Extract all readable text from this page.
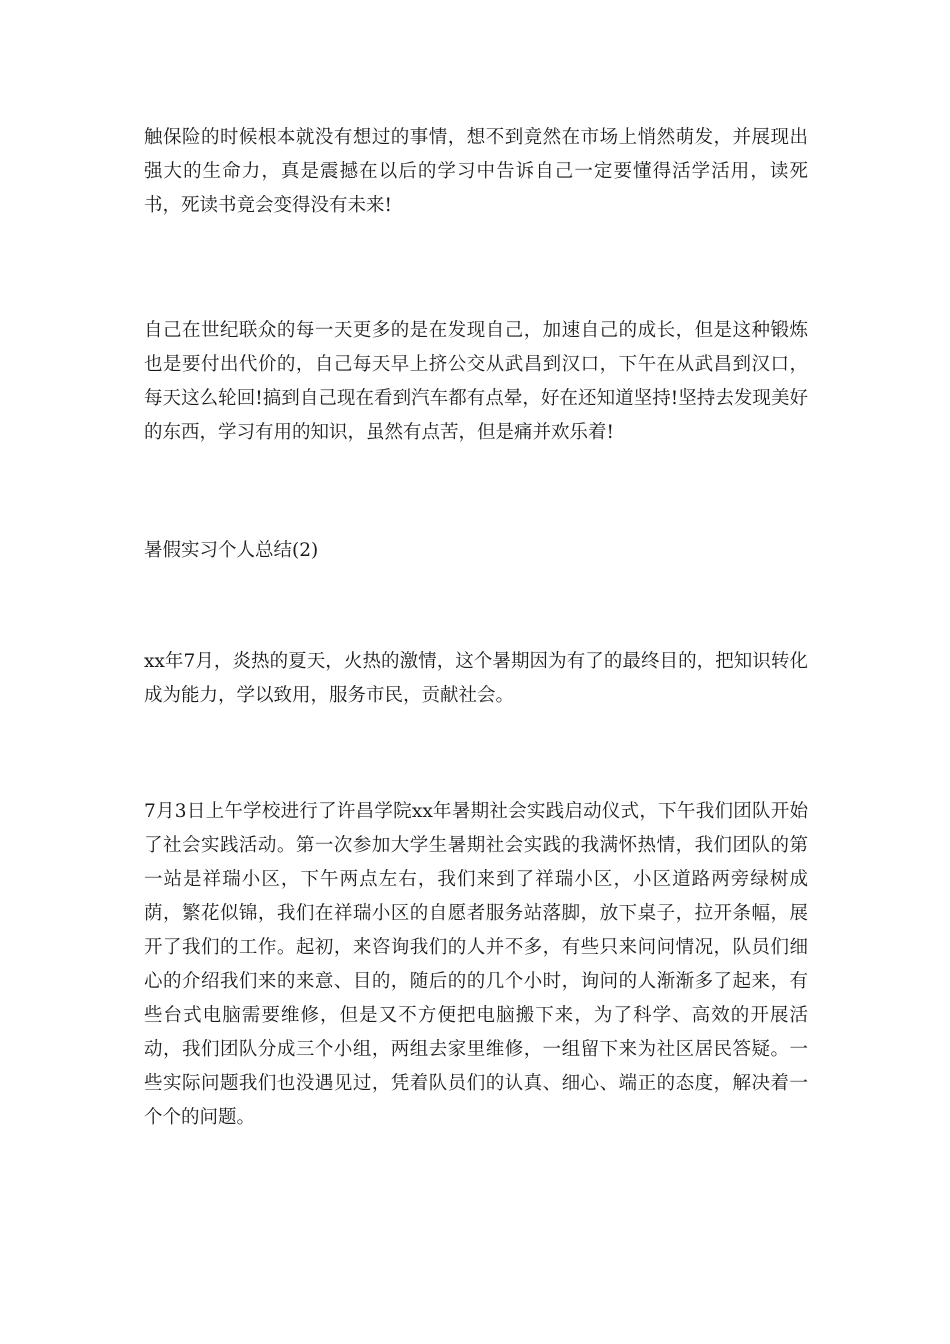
触保险的时候根本就没有想过的事情，想不到竟然在市场上悄然萌发，并展现出强大的生命力，真是震撼在以后的学习中告诉自己一定要懂得活学活用，读死书，死读书竟会变得没有未来!

自己在世纪联众的每一天更多的是在发现自己，加速自己的成长，但是这种锻炼也是要付出代价的，自己每天早上挤公交从武昌到汉口，下午在从武昌到汉口，每天这么轮回!搞到自己现在看到汽车都有点晕，好在还知道坚持!坚持去发现美好的东西，学习有用的知识，虽然有点苦，但是痛并欢乐着!

暑假实习个人总结(2)

xx年7月，炎热的夏天，火热的激情，这个暑期因为有了的最终目的，把知识转化成为能力，学以致用，服务市民，贡献社会。

7月3日上午学校进行了许昌学院xx年暑期社会实践启动仪式，下午我们团队开始了社会实践活动。第一次参加大学生暑期社会实践的我满怀热情，我们团队的第一站是祥瑞小区，下午两点左右，我们来到了祥瑞小区，小区道路两旁绿树成荫，繁花似锦，我们在祥瑞小区的自愿者服务站落脚，放下桌子，拉开条幅，展开了我们的工作。起初，来咨询我们的人并不多，有些只来问问情况，队员们细心的介绍我们来的来意、目的，随后的的几个小时，询问的人渐渐多了起来，有些台式电脑需要维修，但是又不方便把电脑搬下来，为了科学、高效的开展活动，我们团队分成三个小组，两组去家里维修，一组留下来为社区居民答疑。一些实际问题我们也没遇见过，凭着队员们的认真、细心、端正的态度，解决着一个个的问题。
